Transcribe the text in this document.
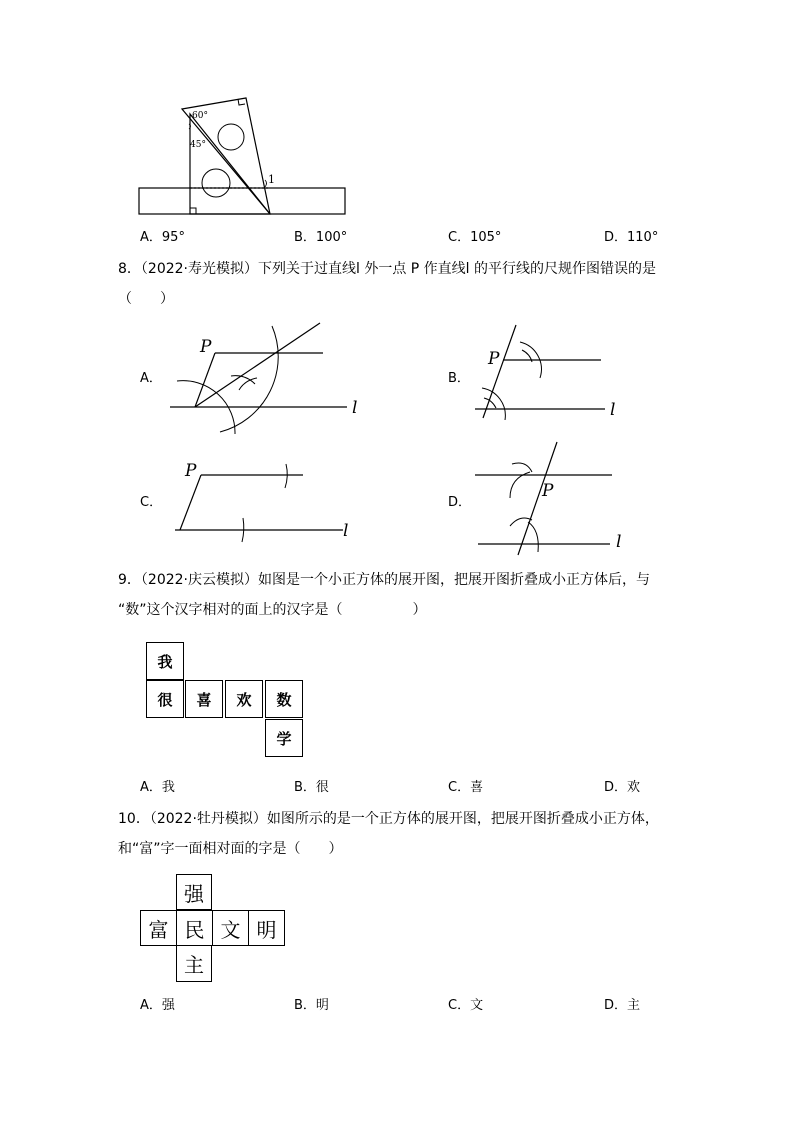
60°
45°
1
A．95°	B．100°	C．105°	D．110°
8．（2022·寿光模拟）下列关于过直线l 外一点 P 作直线l 的平行线的尺规作图错误的是
（　　）
A．
P
l
B．
P
l
C．
P
l
D．
P
l
9．（2022·庆云模拟）如图是一个小正方体的展开图，把展开图折叠成小正方体后，与
“数”这个汉字相对的面上的汉字是（　　　　　）
我
很	喜	欢	数
学
A．我	B．很	C．喜	D．欢
10．（2022·牡丹模拟）如图所示的是一个正方体的展开图，把展开图折叠成小正方体，
和“富”字一面相对面的字是（　　）
强
富 民 文 明
主
A．强	B．明	C．文	D．主
